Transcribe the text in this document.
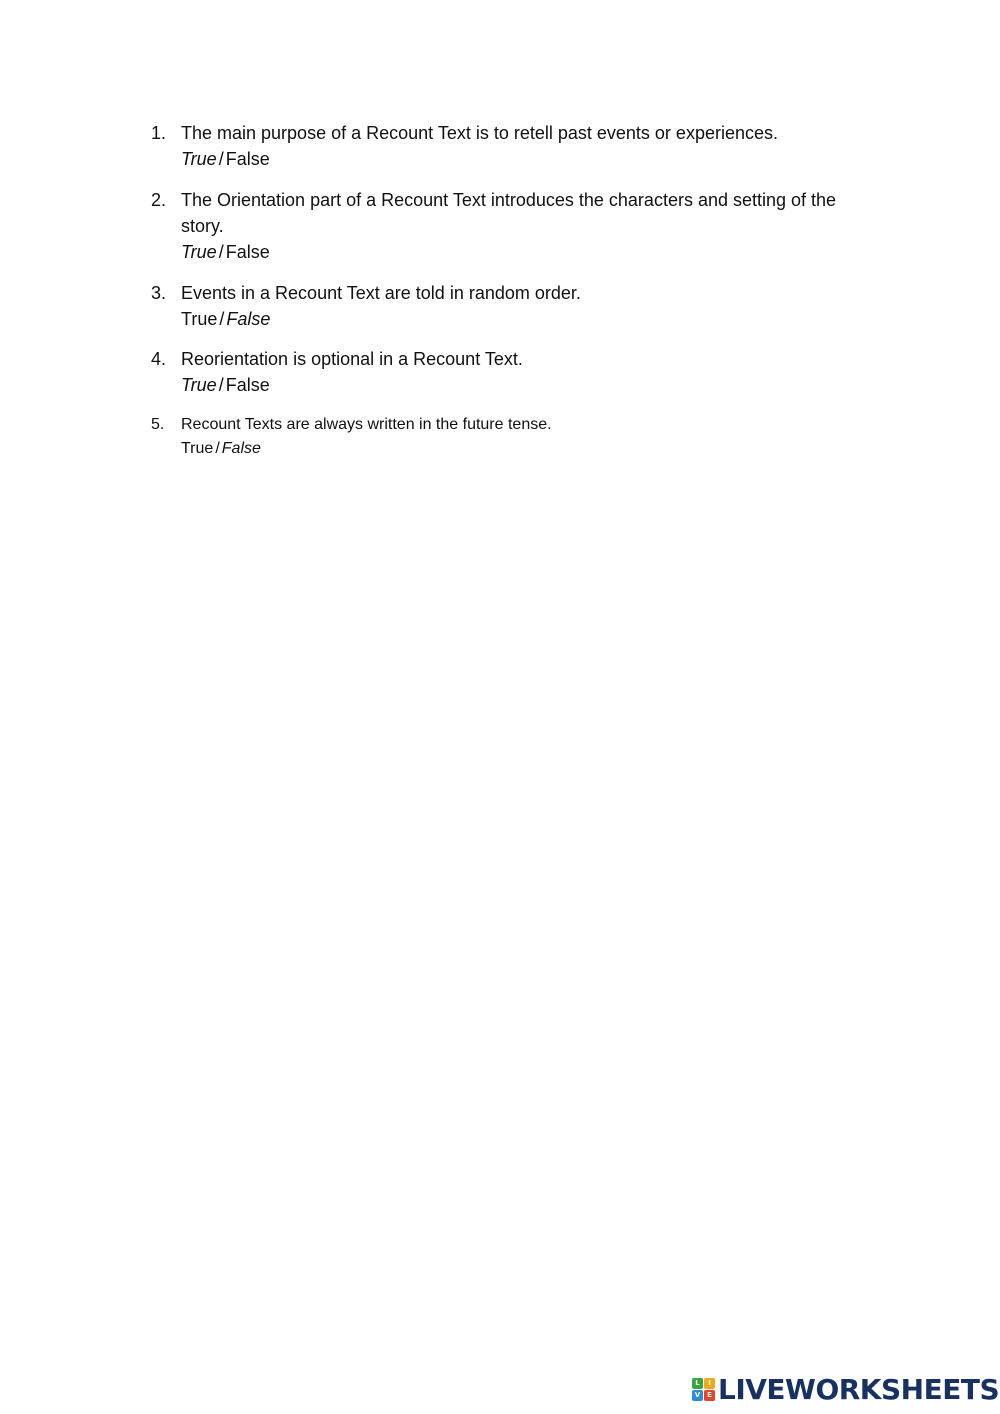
1. The main purpose of a Recount Text is to retell past events or experiences.
True / False
2. The Orientation part of a Recount Text introduces the characters and setting of the
story.
True / False
3. Events in a Recount Text are told in random order.
True / False
4. Reorientation is optional in a Recount Text.
True / False
5.	Recount Texts are always written in the future tense.
True / False
L	I
V E LIVEWORKSHEETS
